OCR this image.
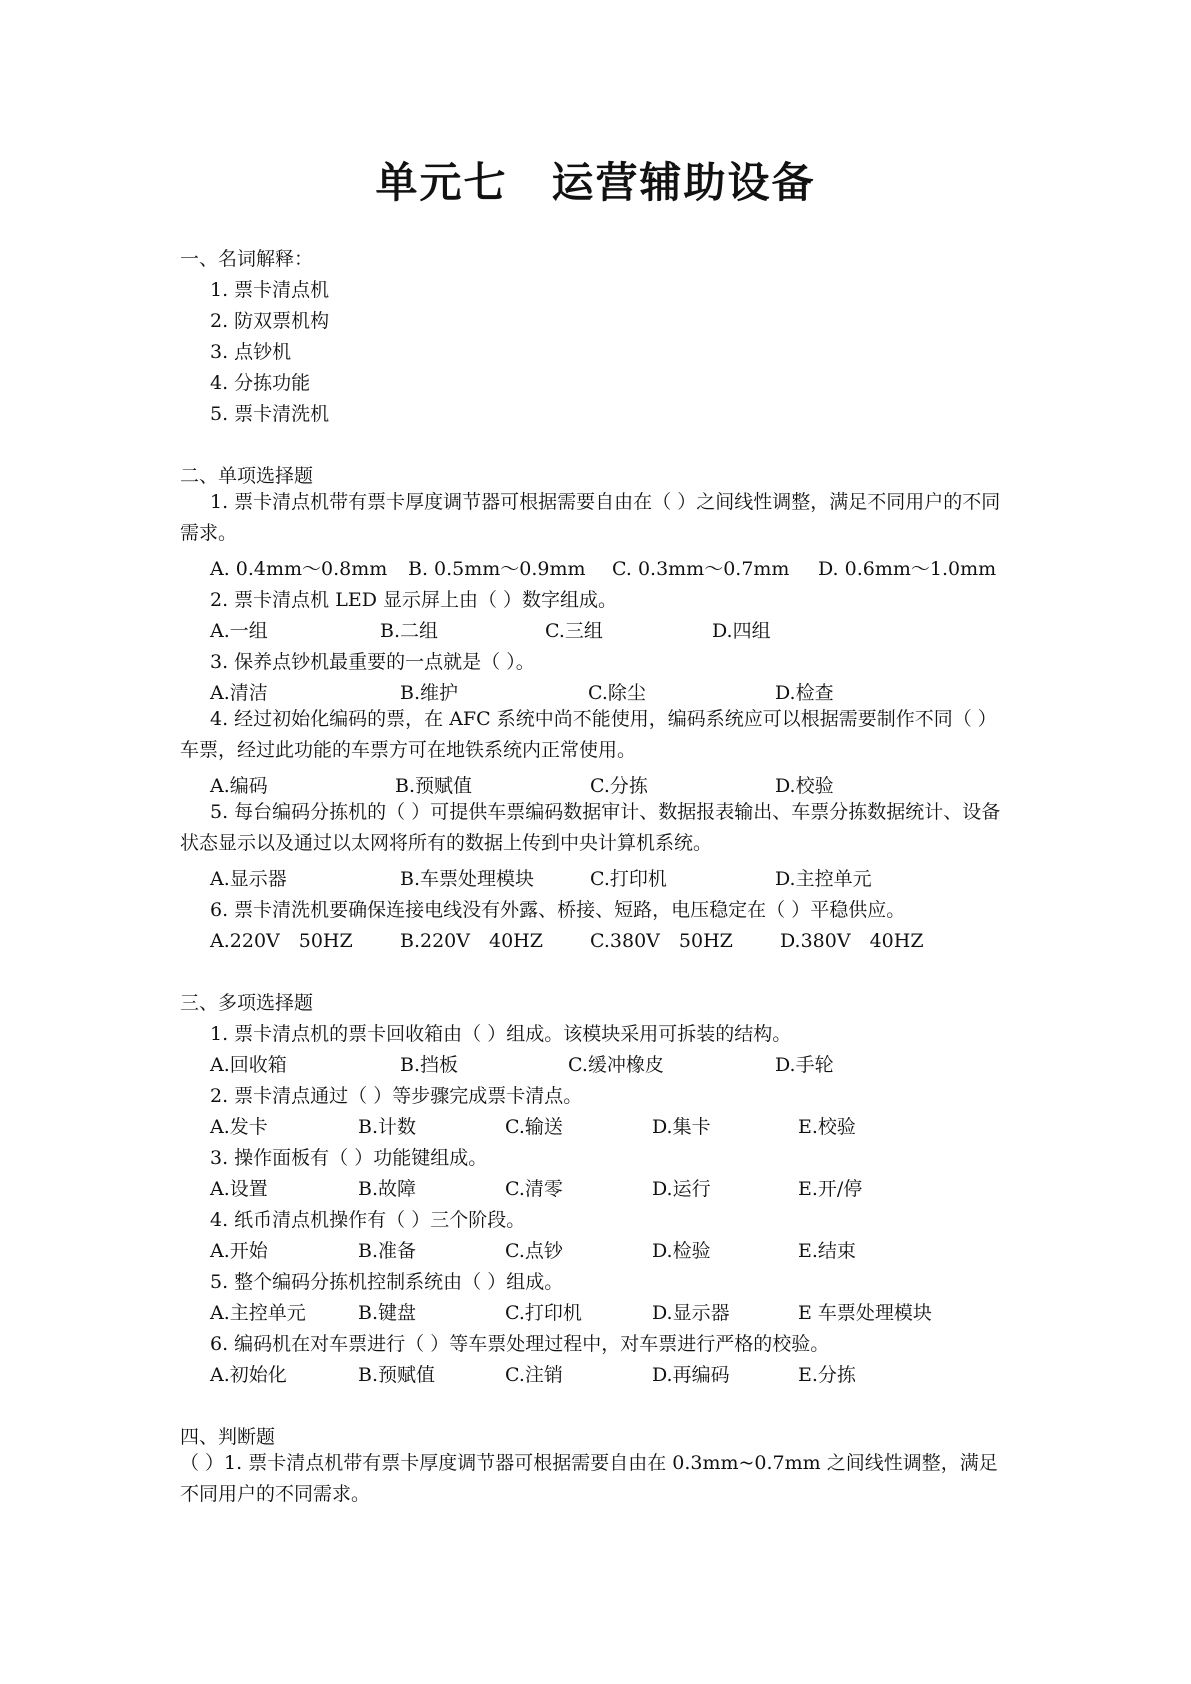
单元七　运营辅助设备
一、名词解释：
1. 票卡清点机
2. 防双票机构
3. 点钞机
4. 分拣功能
5. 票卡清洗机
二、单项选择题
1. 票卡清点机带有票卡厚度调节器可根据需要自由在（ ）之间线性调整，满足不同用户的不同需求。
A. 0.4mm～0.8mm B. 0.5mm～0.9mm C. 0.3mm～0.7mm D. 0.6mm～1.0mm
2. 票卡清点机 LED 显示屏上由（ ）数字组成。
A.一组	B.二组	C.三组	D.四组
3. 保养点钞机最重要的一点就是（ ）。
A.清洁	B.维护	C.除尘	D.检查
4. 经过初始化编码的票，在 AFC 系统中尚不能使用，编码系统应可以根据需要制作不同（ ）车票，经过此功能的车票方可在地铁系统内正常使用。
A.编码	B.预赋值	C.分拣	D.校验
5. 每台编码分拣机的（ ）可提供车票编码数据审计、数据报表输出、车票分拣数据统计、设备状态显示以及通过以太网将所有的数据上传到中央计算机系统。
A.显示器	B.车票处理模块	C.打印机	D.主控单元
6. 票卡清洗机要确保连接电线没有外露、桥接、短路，电压稳定在（ ）平稳供应。
A.220V　50HZ B.220V　40HZ C.380V　50HZ D.380V　40HZ
三、多项选择题
1. 票卡清点机的票卡回收箱由（ ）组成。该模块采用可拆装的结构。
A.回收箱	B.挡板	C.缓冲橡皮	D.手轮
2. 票卡清点通过（ ）等步骤完成票卡清点。
A.发卡	B.计数	C.输送	D.集卡	E.校验
3. 操作面板有（ ）功能键组成。
A.设置	B.故障	C.清零	D.运行	E.开/停
4. 纸币清点机操作有（ ）三个阶段。
A.开始	B.准备	C.点钞	D.检验	E.结束
5. 整个编码分拣机控制系统由（ ）组成。
A.主控单元	B.键盘	C.打印机	D.显示器	E 车票处理模块
6. 编码机在对车票进行（ ）等车票处理过程中，对车票进行严格的校验。
A.初始化	B.预赋值	C.注销	D.再编码	E.分拣
四、判断题
（ ）1. 票卡清点机带有票卡厚度调节器可根据需要自由在 0.3mm~0.7mm 之间线性调整，满足不同用户的不同需求。
